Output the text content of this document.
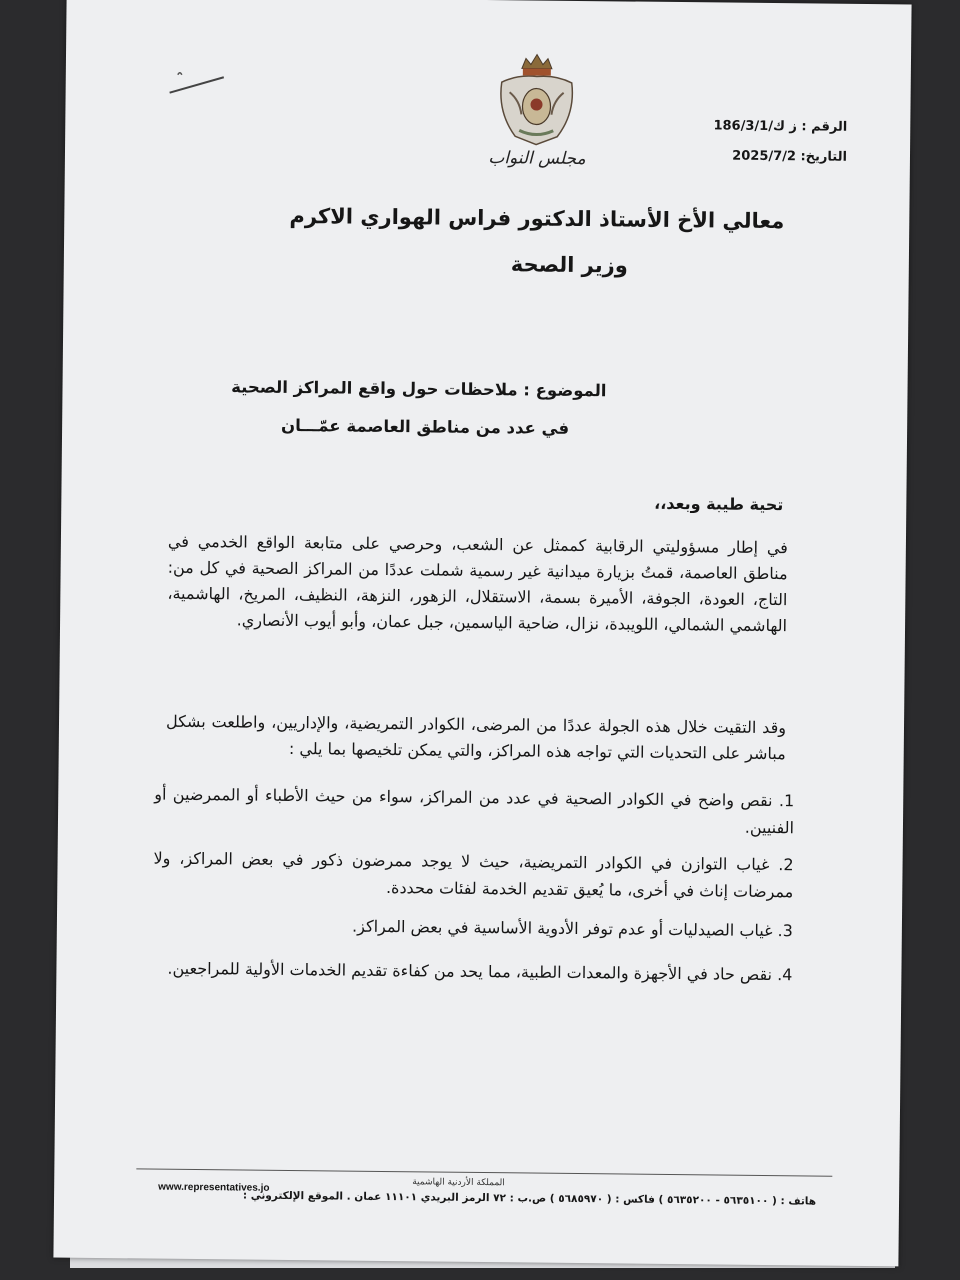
مجلس النواب
الرقم : ز ك/186/3/1
التاريخ: 2025/7/2
معالي الأخ الأستاذ الدكتور فراس الهواري الاكرم
وزير الصحة
الموضوع : ملاحظات حول واقع المراكز الصحية
في عدد من مناطق العاصمة عمّـــان
تحية طيبة وبعد،،
في إطار مسؤوليتي الرقابية كممثل عن الشعب، وحرصي على متابعة الواقع الخدمي في مناطق العاصمة، قمتُ بزيارة ميدانية غير رسمية شملت عددًا من المراكز الصحية في كل من: التاج، العودة، الجوفة، الأميرة بسمة، الاستقلال، الزهور، النزهة، النظيف، المريخ، الهاشمية، الهاشمي الشمالي، اللويبدة، نزال، ضاحية الياسمين، جبل عمان، وأبو أيوب الأنصاري.
وقد التقيت خلال هذه الجولة عددًا من المرضى، الكوادر التمريضية، والإداريين، واطلعت بشكل مباشر على التحديات التي تواجه هذه المراكز، والتي يمكن تلخيصها بما يلي :
1. نقص واضح في الكوادر الصحية في عدد من المراكز، سواء من حيث الأطباء أو الممرضين أو الفنيين.
2. غياب التوازن في الكوادر التمريضية، حيث لا يوجد ممرضون ذكور في بعض المراكز، ولا ممرضات إناث في أخرى، ما يُعيق تقديم الخدمة لفئات محددة.
3. غياب الصيدليات أو عدم توفر الأدوية الأساسية في بعض المراكز.
4. نقص حاد في الأجهزة والمعدات الطبية، مما يحد من كفاءة تقديم الخدمات الأولية للمراجعين.
المملكة الأردنية الهاشمية
هاتف : ( ٥٦٣٥١٠٠ - ٥٦٣٥٢٠٠ ) فاكس : ( ٥٦٨٥٩٧٠ ) ص.ب : ٧٢ الرمز البريدي ١١١٠١ عمان . الموقع الإلكتروني :
www.representatives.jo
